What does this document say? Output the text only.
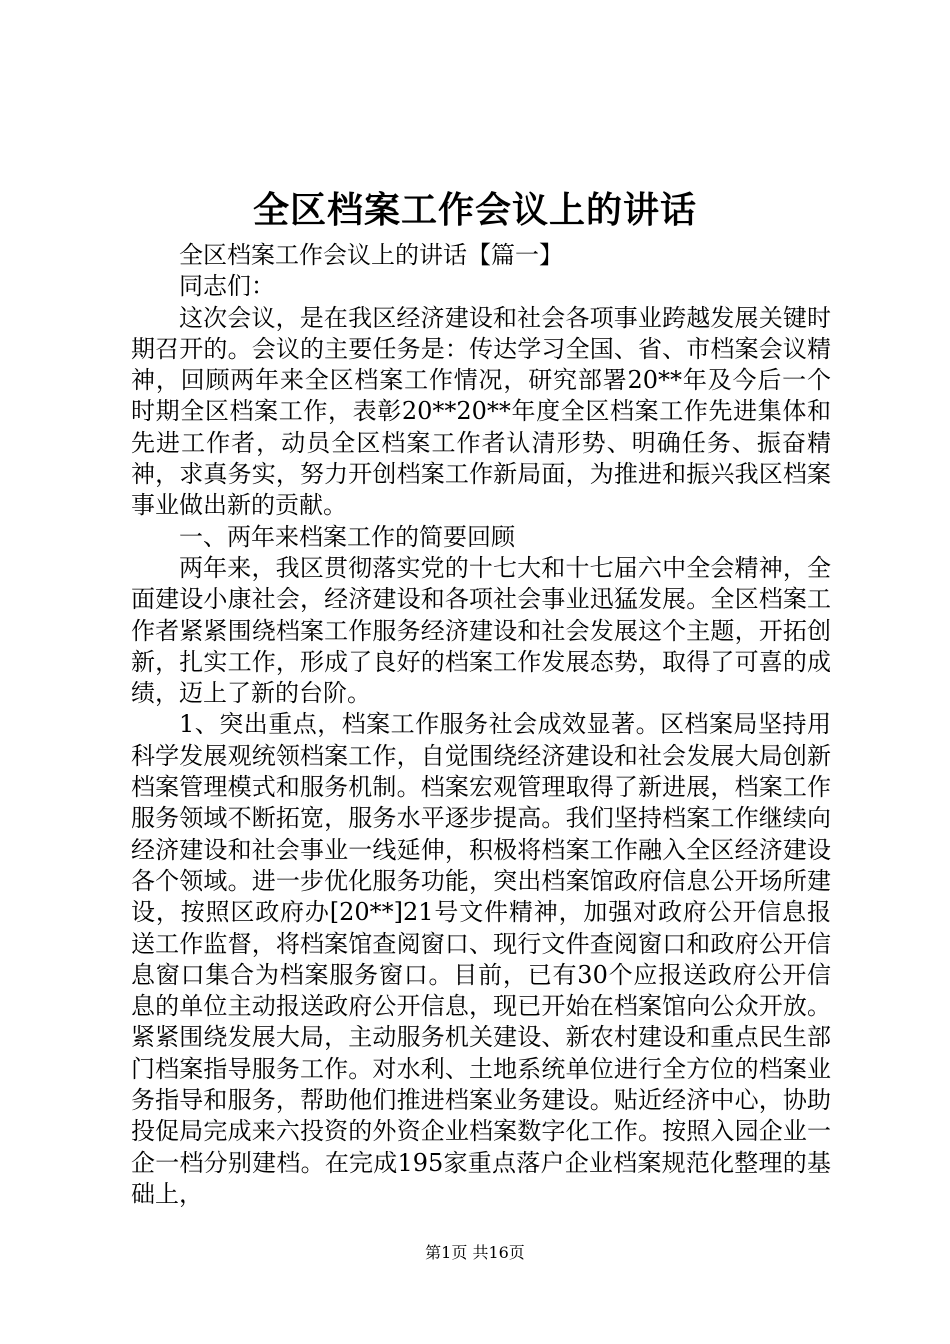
全区档案工作会议上的讲话

全区档案工作会议上的讲话【篇一】

同志们：

这次会议，是在我区经济建设和社会各项事业跨越发展关键时期召开的。会议的主要任务是：传达学习全国、省、市档案会议精神，回顾两年来全区档案工作情况，研究部署20**年及今后一个时期全区档案工作，表彰20**20**年度全区档案工作先进集体和先进工作者，动员全区档案工作者认清形势、明确任务、振奋精神，求真务实，努力开创档案工作新局面，为推进和振兴我区档案事业做出新的贡献。

一、两年来档案工作的简要回顾

两年来，我区贯彻落实党的十七大和十七届六中全会精神，全面建设小康社会，经济建设和各项社会事业迅猛发展。全区档案工作者紧紧围绕档案工作服务经济建设和社会发展这个主题，开拓创新，扎实工作，形成了良好的档案工作发展态势，取得了可喜的成绩，迈上了新的台阶。

1、突出重点，档案工作服务社会成效显著。区档案局坚持用科学发展观统领档案工作，自觉围绕经济建设和社会发展大局创新档案管理模式和服务机制。档案宏观管理取得了新进展，档案工作服务领域不断拓宽，服务水平逐步提高。我们坚持档案工作继续向经济建设和社会事业一线延伸，积极将档案工作融入全区经济建设各个领域。进一步优化服务功能，突出档案馆政府信息公开场所建设，按照区政府办[20**]21号文件精神，加强对政府公开信息报送工作监督，将档案馆查阅窗口、现行文件查阅窗口和政府公开信息窗口集合为档案服务窗口。目前，已有30个应报送政府公开信息的单位主动报送政府公开信息，现已开始在档案馆向公众开放。紧紧围绕发展大局，主动服务机关建设、新农村建设和重点民生部门档案指导服务工作。对水利、土地系统单位进行全方位的档案业务指导和服务，帮助他们推进档案业务建设。贴近经济中心，协助投促局完成来六投资的外资企业档案数字化工作。按照入园企业一企一档分别建档。在完成195家重点落户企业档案规范化整理的基础上，

第1页 共16页
